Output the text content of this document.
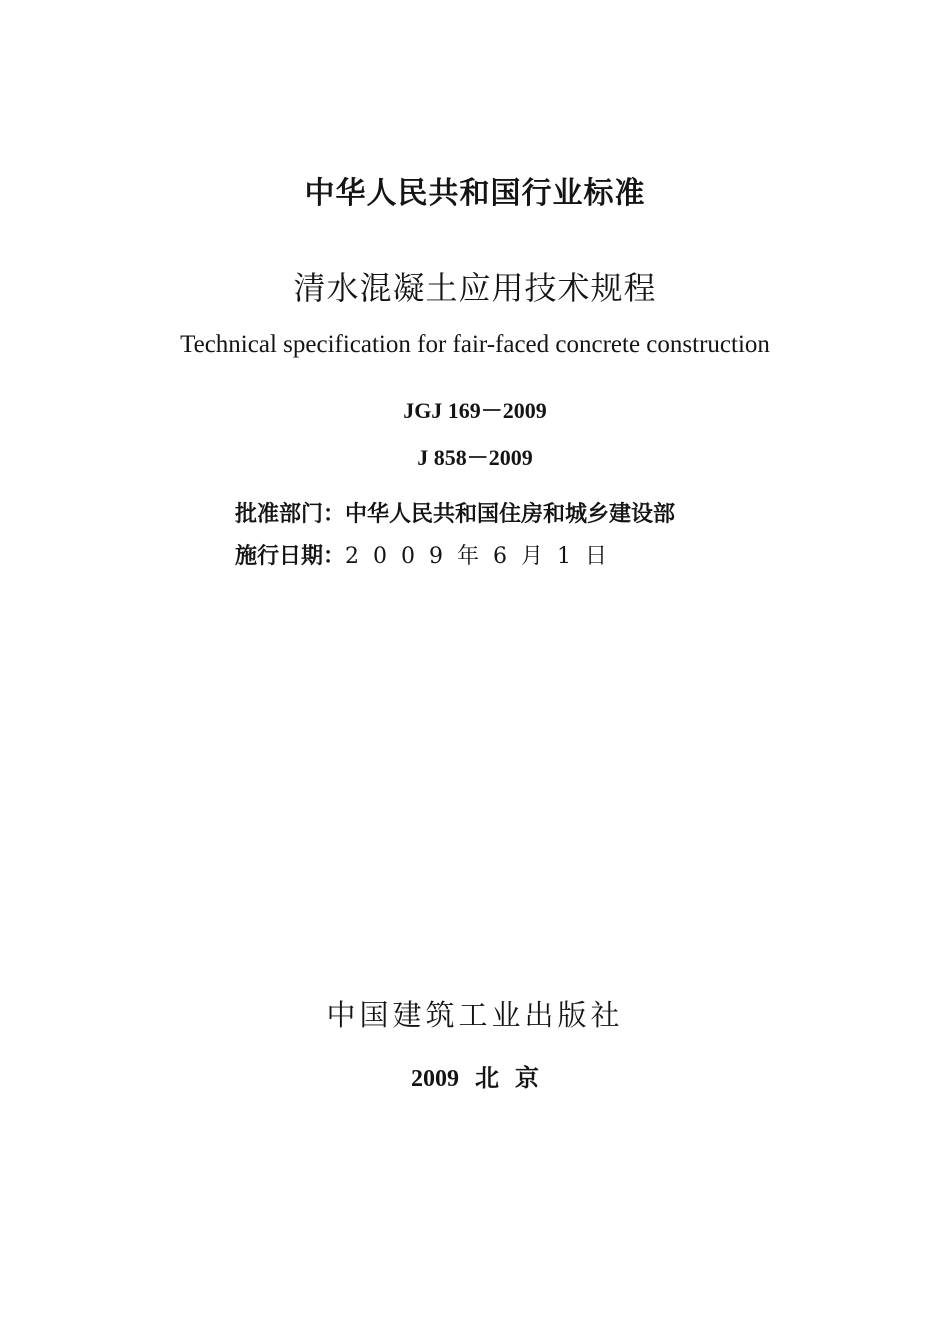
中华人民共和国行业标准
清水混凝土应用技术规程
Technical specification for fair-faced concrete construction
JGJ 169－2009
J 858－2009
批准部门：中华人民共和国住房和城乡建设部
施行日期：2009年6月1日
中国建筑工业出版社
2009 北 京
